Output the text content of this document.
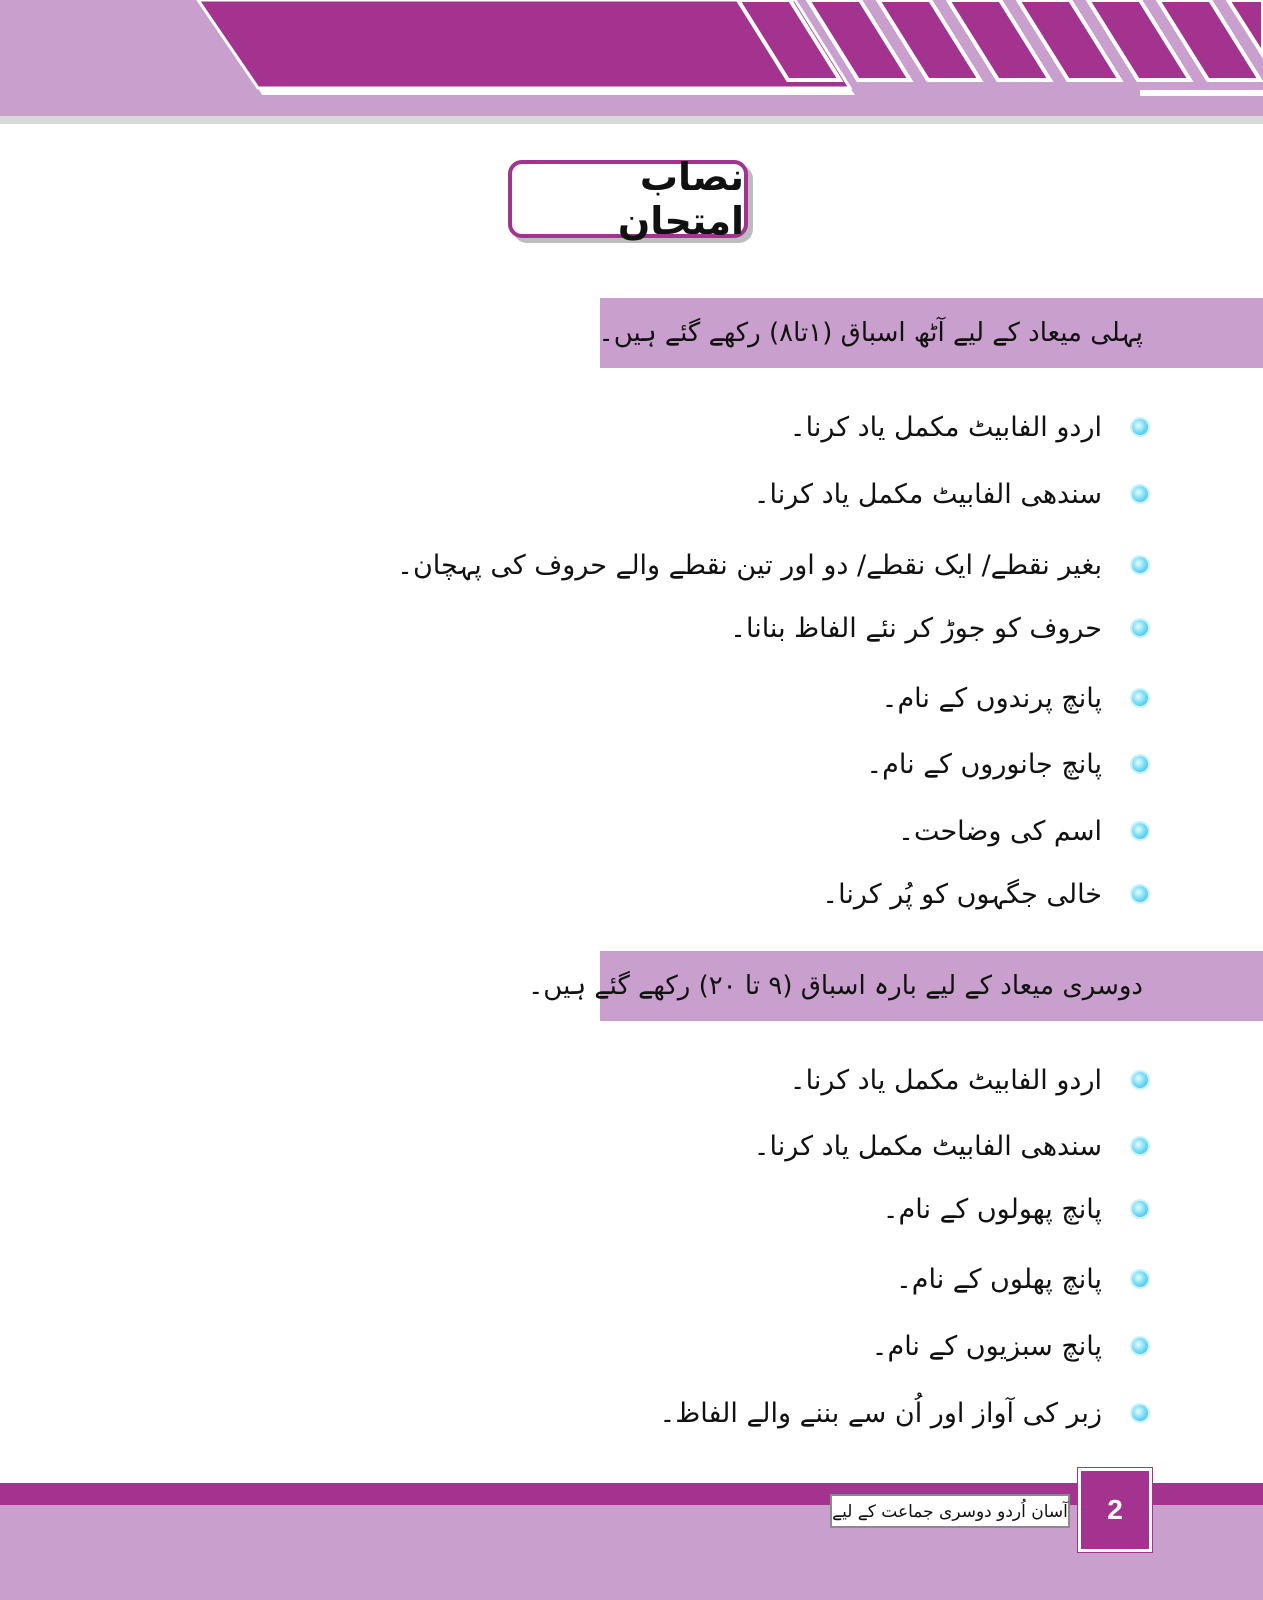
نصاب امتحان
پہلی میعاد کے لیے آٹھ اسباق (۱تا۸) رکھے گئے ہیں۔
اردو الفابیٹ مکمل یاد کرنا۔
سندھی الفابیٹ مکمل یاد کرنا۔
بغیر نقطے/ ایک نقطے/ دو اور تین نقطے والے حروف کی پہچان۔
حروف کو جوڑ کر نئے الفاظ بنانا۔
پانچ پرندوں کے نام۔
پانچ جانوروں کے نام۔
اسم کی وضاحت۔
خالی جگہوں کو پُر کرنا۔
دوسری میعاد کے لیے بارہ اسباق (۹ تا ۲۰) رکھے گئے ہیں۔
اردو الفابیٹ مکمل یاد کرنا۔
سندھی الفابیٹ مکمل یاد کرنا۔
پانچ پھولوں کے نام۔
پانچ پھلوں کے نام۔
پانچ سبزیوں کے نام۔
زبر کی آواز اور اُن سے بننے والے الفاظ۔
آسان اُردو دوسری جماعت کے لیے	2
